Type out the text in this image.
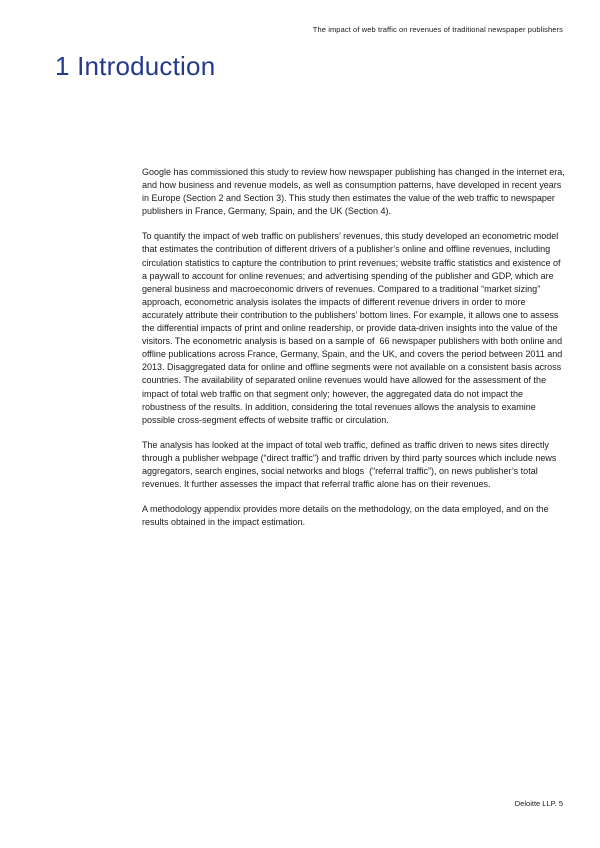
The impact of web traffic on revenues of traditional newspaper publishers
1 Introduction

Google has commissioned this study to review how newspaper publishing has changed in the internet era, and how business and revenue models, as well as consumption patterns, have developed in recent years in Europe (Section 2 and Section 3). This study then estimates the value of the web traffic to newspaper publishers in France, Germany, Spain, and the UK (Section 4).

To quantify the impact of web traffic on publishers’ revenues, this study developed an econometric model that estimates the contribution of different drivers of a publisher’s online and offline revenues, including circulation statistics to capture the contribution to print revenues; website traffic statistics and existence of a paywall to account for online revenues; and advertising spending of the publisher and GDP, which are general business and macroeconomic drivers of revenues. Compared to a traditional “market sizing” approach, econometric analysis isolates the impacts of different revenue drivers in order to more accurately attribute their contribution to the publishers’ bottom lines. For example, it allows one to assess the differential impacts of print and online readership, or provide data-driven insights into the value of the visitors. The econometric analysis is based on a sample of  66 newspaper publishers with both online and offline publications across France, Germany, Spain, and the UK, and covers the period between 2011 and 2013. Disaggregated data for online and offline segments were not available on a consistent basis across countries. The availability of separated online revenues would have allowed for the assessment of the impact of total web traffic on that segment only; however, the aggregated data do not impact the robustness of the results. In addition, considering the total revenues allows the analysis to examine possible cross-segment effects of website traffic or circulation.

The analysis has looked at the impact of total web traffic, defined as traffic driven to news sites directly through a publisher webpage (“direct traffic”) and traffic driven by third party sources which include news aggregators, search engines, social networks and blogs  (“referral traffic”), on news publisher’s total revenues. It further assesses the impact that referral traffic alone has on their revenues.

A methodology appendix provides more details on the methodology, on the data employed, and on the results obtained in the impact estimation.

Deloitte LLP. 5
